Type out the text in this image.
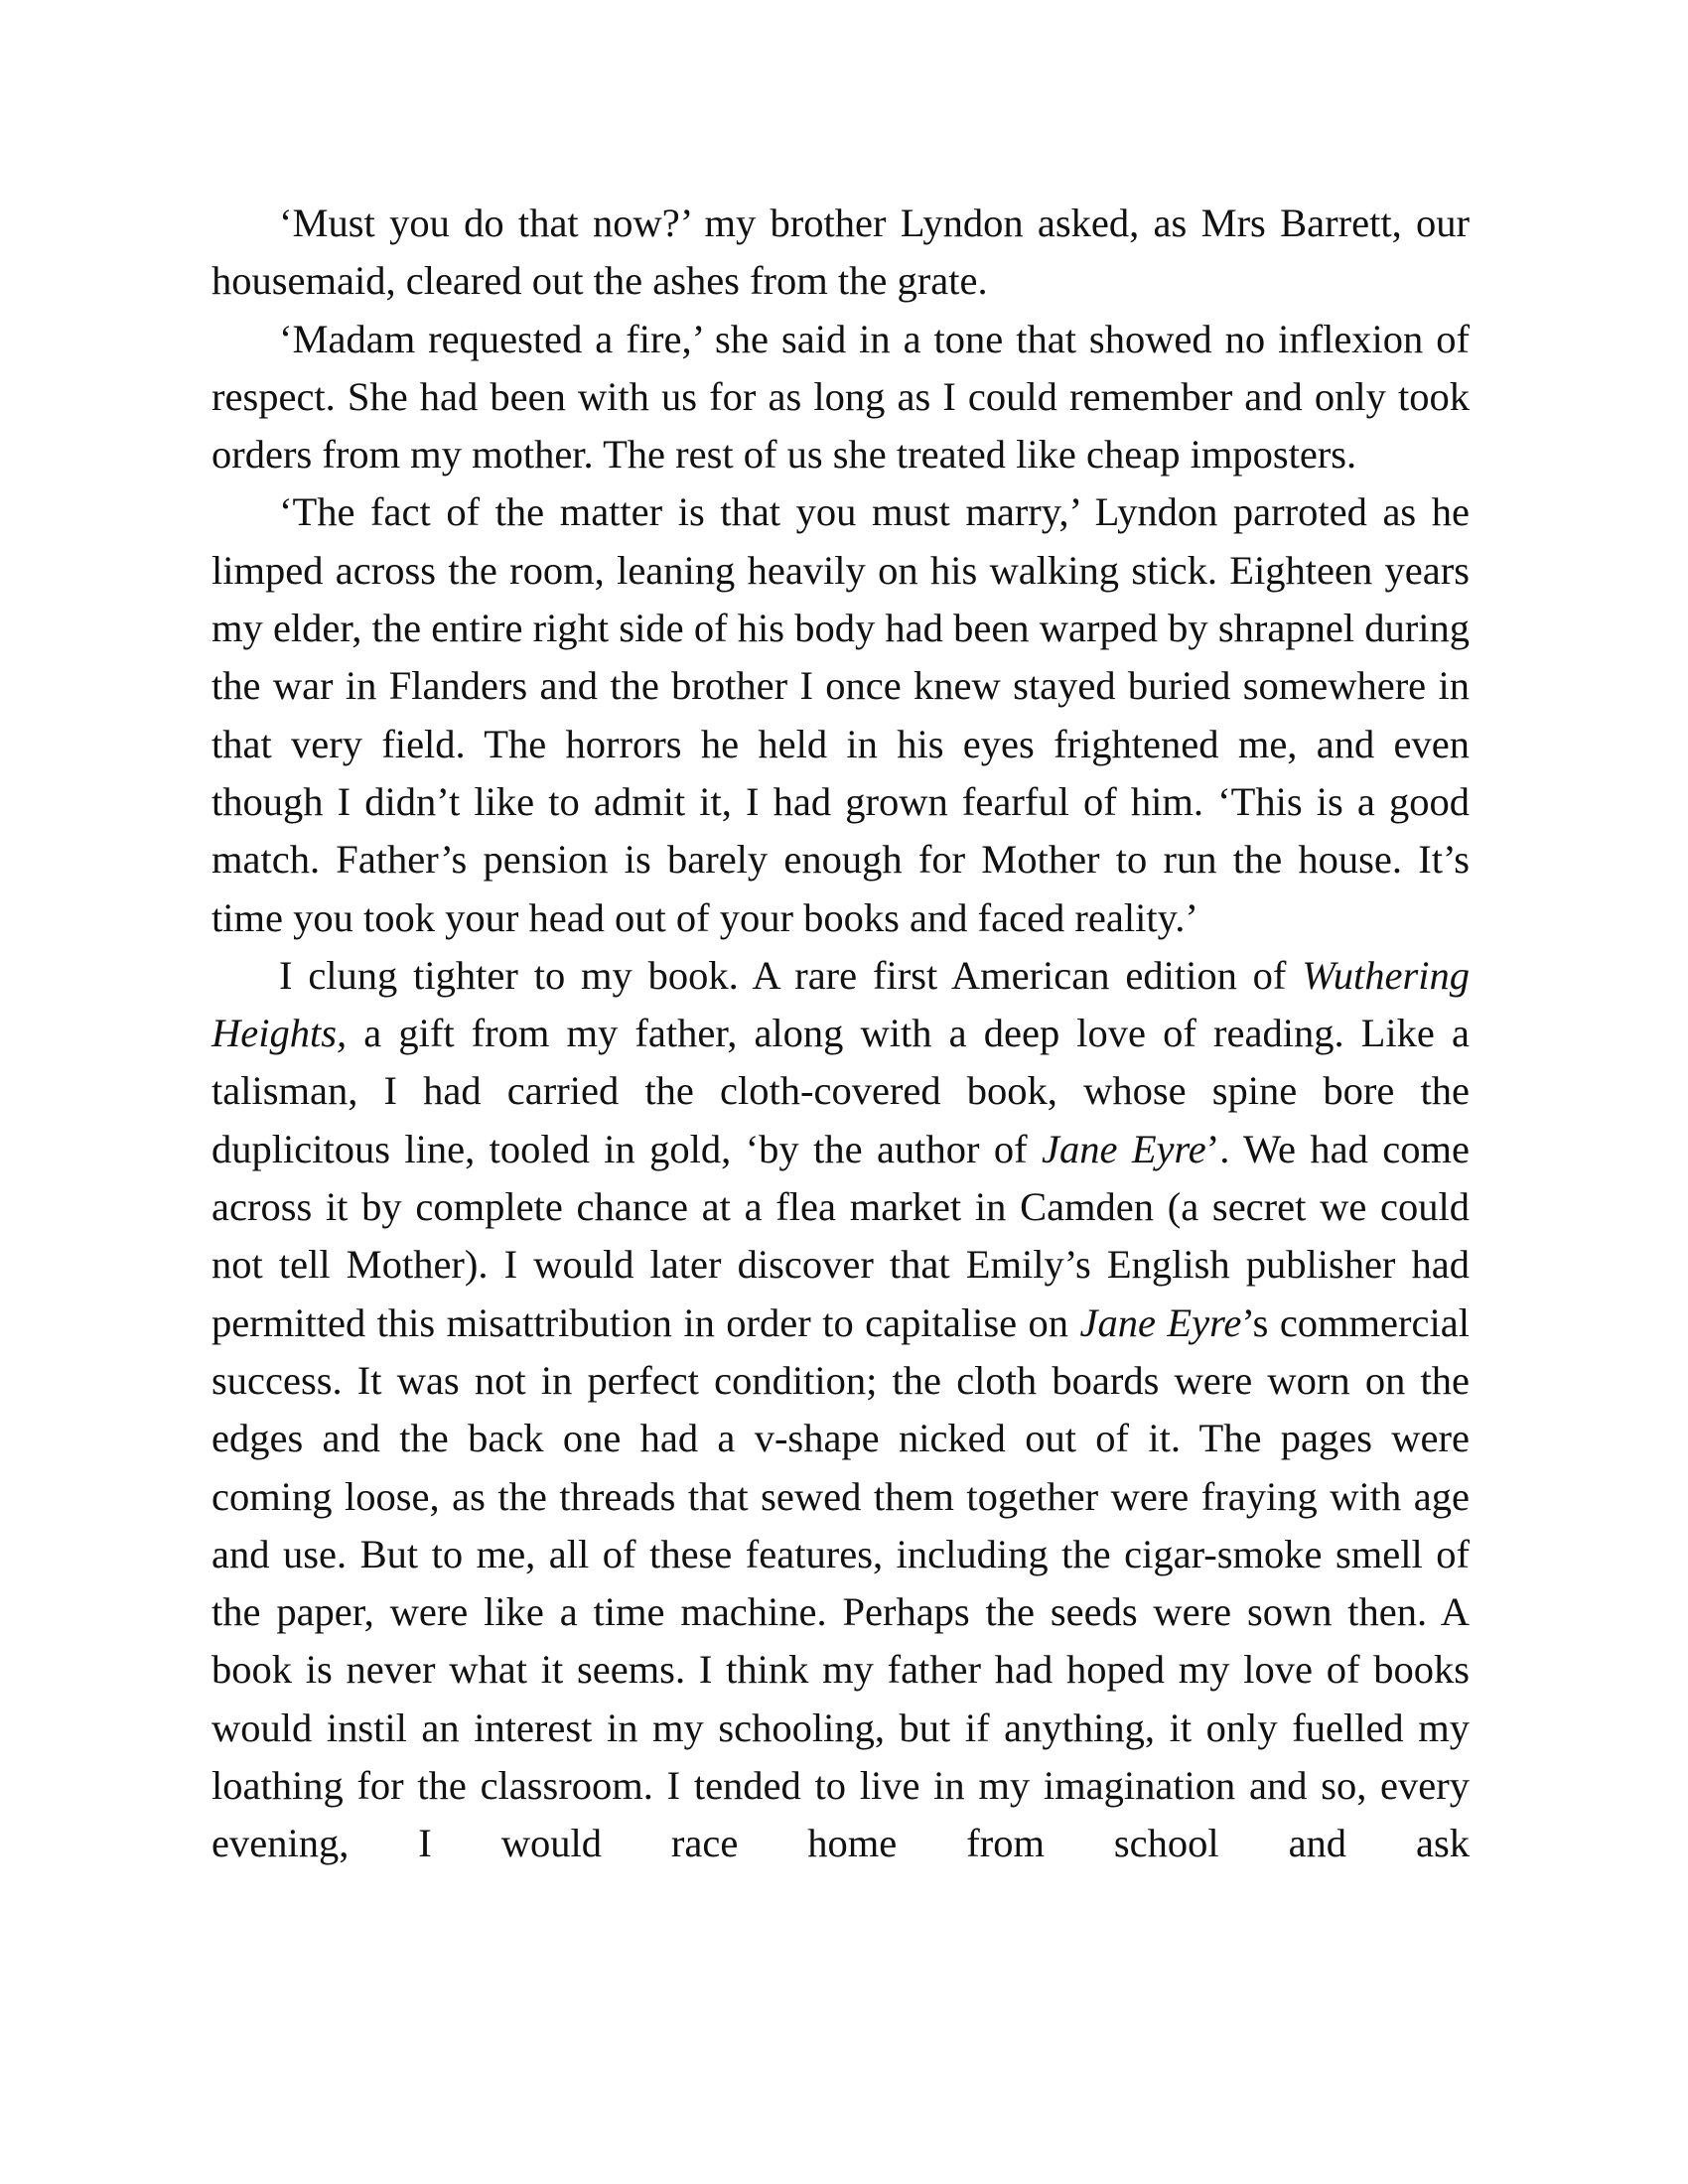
‘Must you do that now?’ my brother Lyndon asked, as Mrs Barrett, our housemaid, cleared out the ashes from the grate.

‘Madam requested a fire,’ she said in a tone that showed no inflexion of respect. She had been with us for as long as I could remember and only took orders from my mother. The rest of us she treated like cheap imposters.

‘The fact of the matter is that you must marry,’ Lyndon parroted as he limped across the room, leaning heavily on his walking stick. Eighteen years my elder, the entire right side of his body had been warped by shrapnel during the war in Flanders and the brother I once knew stayed buried somewhere in that very field. The horrors he held in his eyes frightened me, and even though I didn’t like to admit it, I had grown fearful of him. ‘This is a good match. Father’s pension is barely enough for Mother to run the house. It’s time you took your head out of your books and faced reality.’

I clung tighter to my book. A rare first American edition of Wuthering Heights, a gift from my father, along with a deep love of reading. Like a talisman, I had carried the cloth-covered book, whose spine bore the duplicitous line, tooled in gold, ‘by the author of Jane Eyre’. We had come across it by complete chance at a flea market in Camden (a secret we could not tell Mother). I would later discover that Emily’s English publisher had permitted this misattribution in order to capitalise on Jane Eyre’s commercial success. It was not in perfect condition; the cloth boards were worn on the edges and the back one had a v-shape nicked out of it. The pages were coming loose, as the threads that sewed them together were fraying with age and use. But to me, all of these features, including the cigar-smoke smell of the paper, were like a time machine. Perhaps the seeds were sown then. A book is never what it seems. I think my father had hoped my love of books would instil an interest in my schooling, but if anything, it only fuelled my loathing for the classroom. I tended to live in my imagination and so, every evening, I would race home from school and ask
